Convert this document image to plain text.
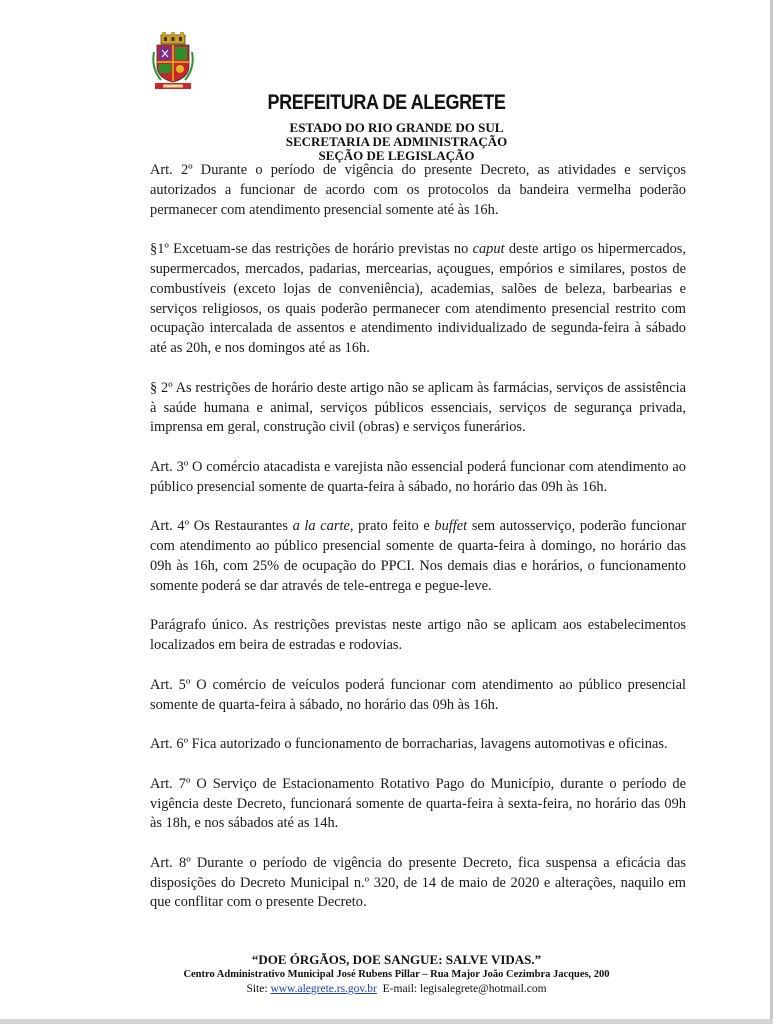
PREFEITURA DE ALEGRETE
ESTADO DO RIO GRANDE DO SUL
SECRETARIA DE ADMINISTRAÇÃO
SEÇÃO DE LEGISLAÇÃO

Art. 2º Durante o período de vigência do presente Decreto, as atividades e serviços autorizados a funcionar de acordo com os protocolos da bandeira vermelha poderão permanecer com atendimento presencial somente até às 16h.

§1º Excetuam-se das restrições de horário previstas no caput deste artigo os hipermercados, supermercados, mercados, padarias, mercearias, açougues, empórios e similares, postos de combustíveis (exceto lojas de conveniência), academias, salões de beleza, barbearias e serviços religiosos, os quais poderão permanecer com atendimento presencial restrito com ocupação intercalada de assentos e atendimento individualizado de segunda-feira à sábado até as 20h, e nos domingos até as 16h.

§ 2º As restrições de horário deste artigo não se aplicam às farmácias, serviços de assistência à saúde humana e animal, serviços públicos essenciais, serviços de segurança privada, imprensa em geral, construção civil (obras) e serviços funerários.

Art. 3º O comércio atacadista e varejista não essencial poderá funcionar com atendimento ao público presencial somente de quarta-feira à sábado, no horário das 09h às 16h.

Art. 4º Os Restaurantes a la carte, prato feito e buffet sem autosserviço, poderão funcionar com atendimento ao público presencial somente de quarta-feira à domingo, no horário das 09h às 16h, com 25% de ocupação do PPCI. Nos demais dias e horários, o funcionamento somente poderá se dar através de tele-entrega e pegue-leve.

Parágrafo único. As restrições previstas neste artigo não se aplicam aos estabelecimentos localizados em beira de estradas e rodovias.

Art. 5º O comércio de veículos poderá funcionar com atendimento ao público presencial somente de quarta-feira à sábado, no horário das 09h às 16h.

Art. 6º Fica autorizado o funcionamento de borracharias, lavagens automotivas e oficinas.

Art. 7º O Serviço de Estacionamento Rotativo Pago do Município, durante o período de vigência deste Decreto, funcionará somente de quarta-feira à sexta-feira, no horário das 09h às 18h, e nos sábados até as 14h.

Art. 8º Durante o período de vigência do presente Decreto, fica suspensa a eficácia das disposições do Decreto Municipal n.º 320, de 14 de maio de 2020 e alterações, naquilo em que conflitar com o presente Decreto.

“DOE ÓRGÃOS, DOE SANGUE: SALVE VIDAS.”
Centro Administrativo Municipal José Rubens Pillar – Rua Major João Cezimbra Jacques, 200
Site: www.alegrete.rs.gov.br  E-mail: legisalegrete@hotmail.com
